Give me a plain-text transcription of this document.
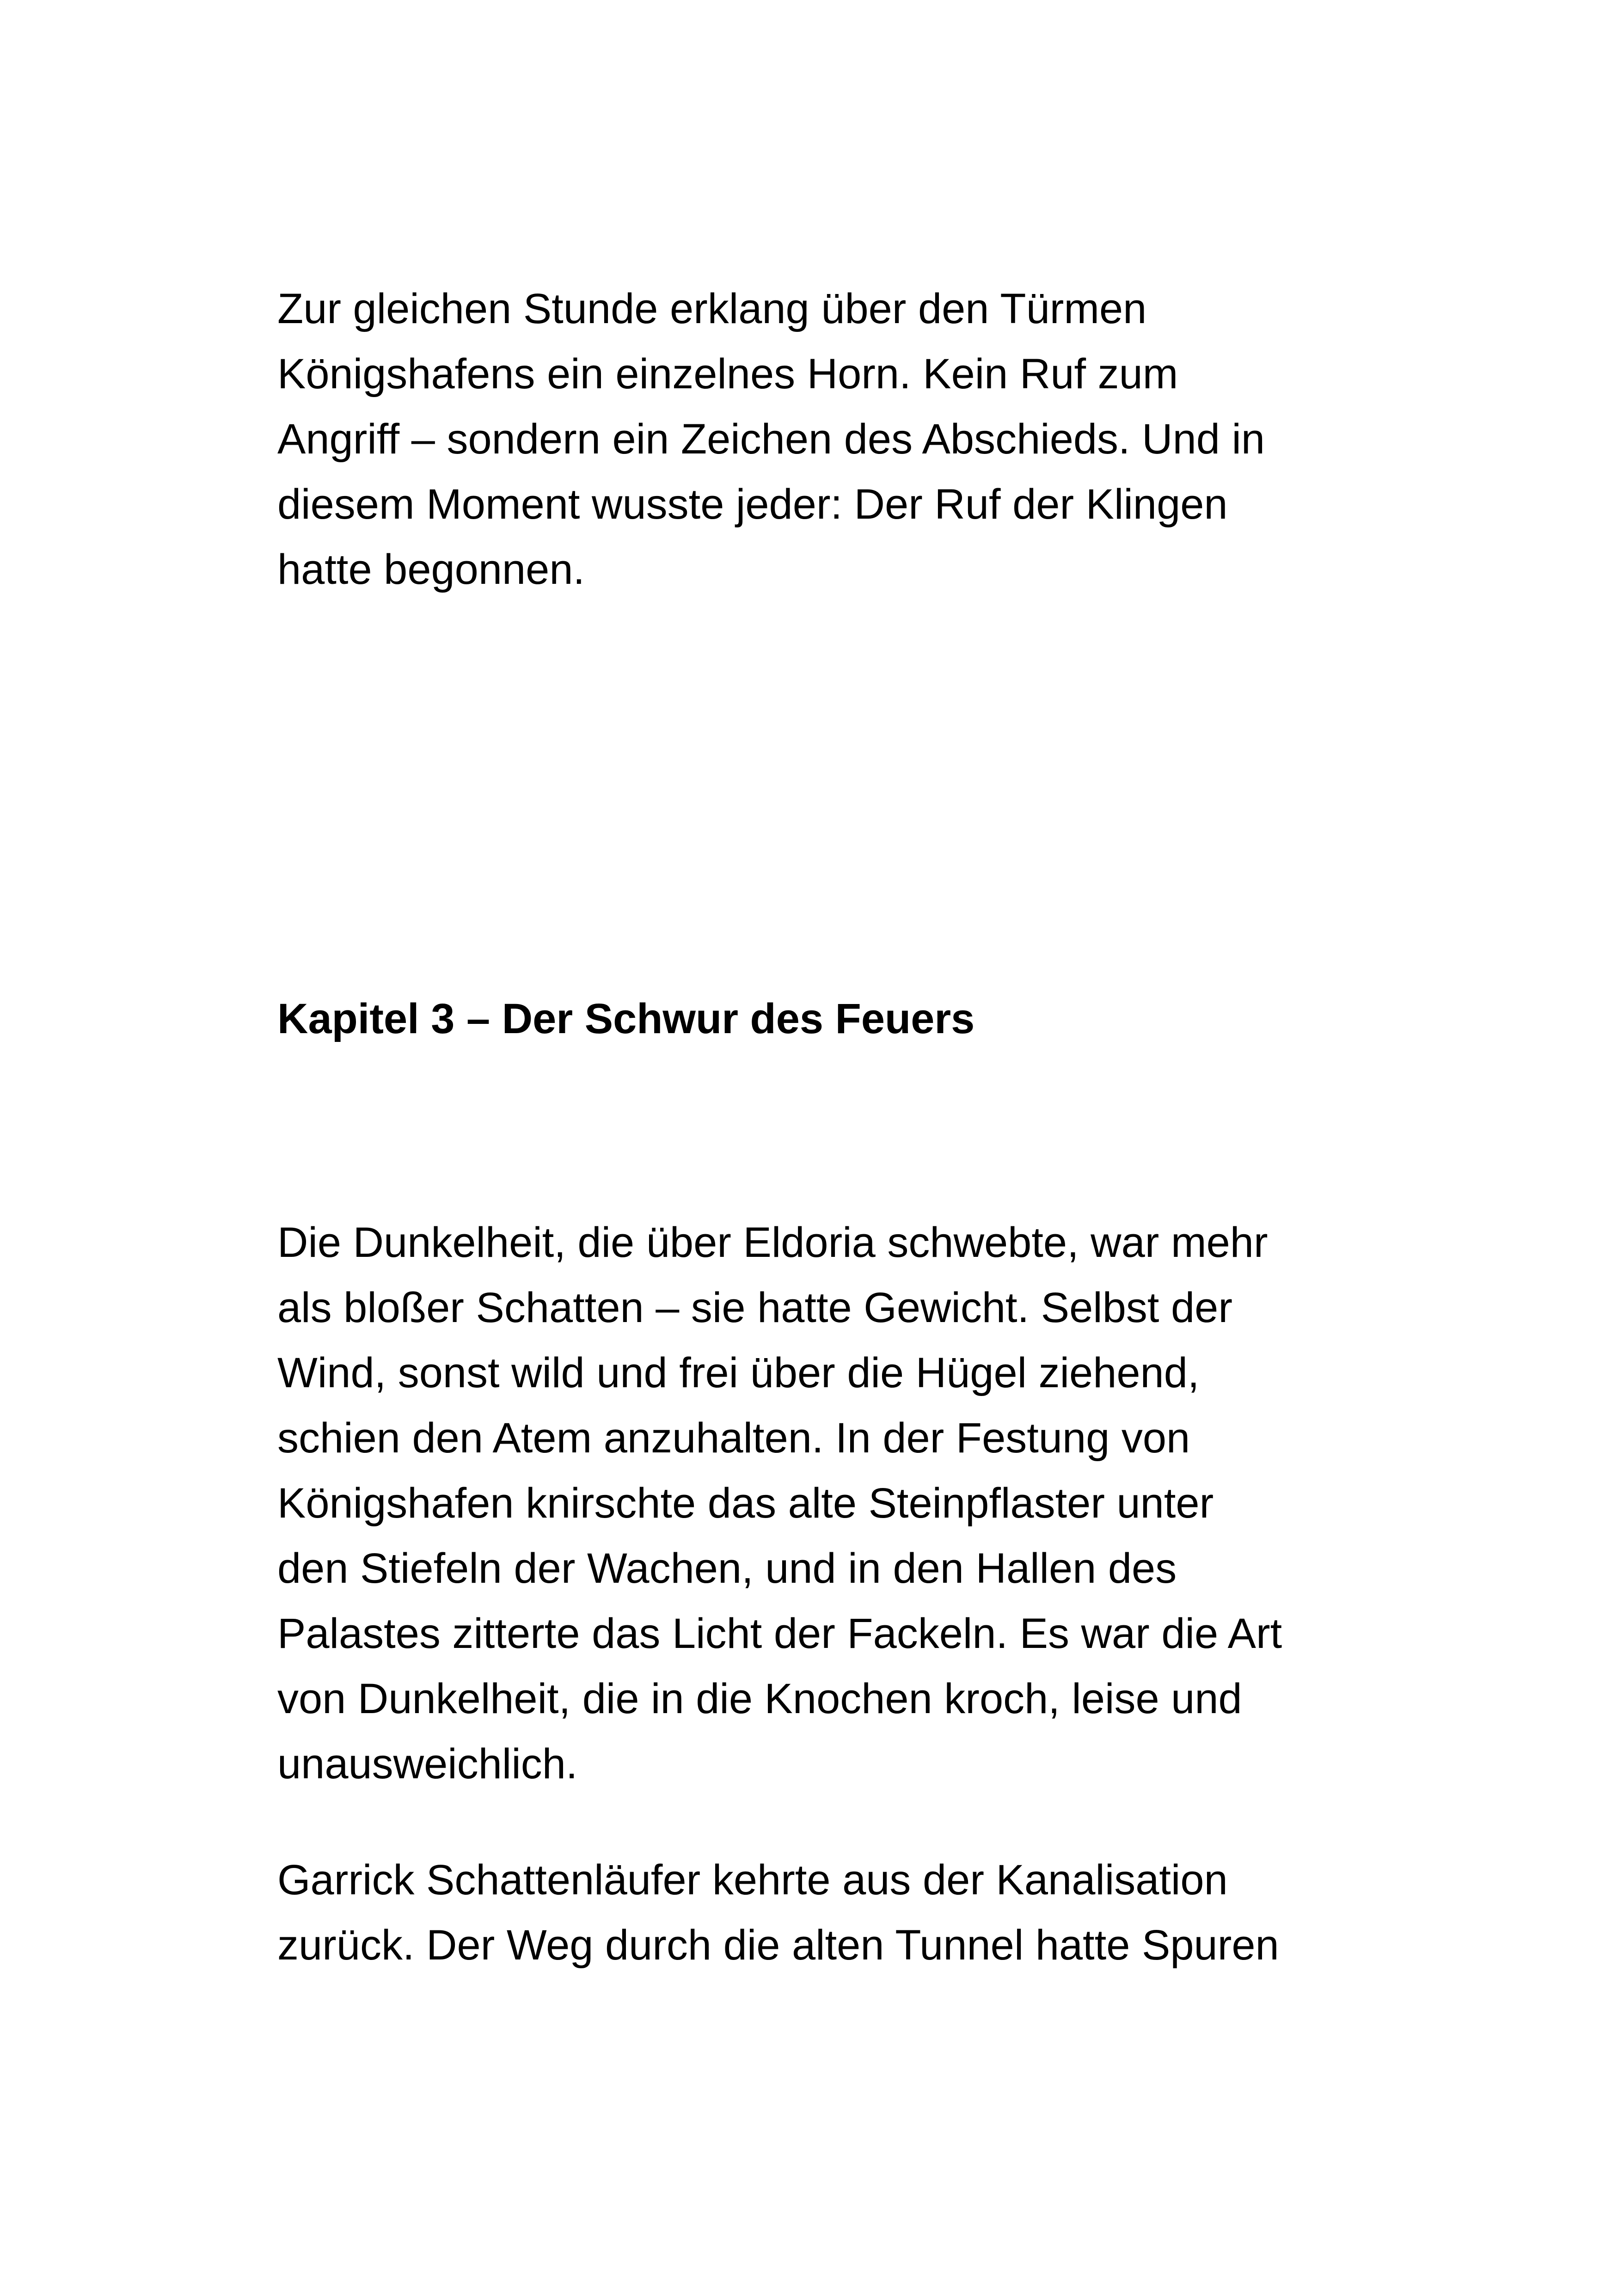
Zur gleichen Stunde erklang über den Türmen
Königshafens ein einzelnes Horn. Kein Ruf zum
Angriff – sondern ein Zeichen des Abschieds. Und in
diesem Moment wusste jeder: Der Ruf der Klingen
hatte begonnen.
Kapitel 3 – Der Schwur des Feuers
Die Dunkelheit, die über Eldoria schwebte, war mehr
als bloßer Schatten – sie hatte Gewicht. Selbst der
Wind, sonst wild und frei über die Hügel ziehend,
schien den Atem anzuhalten. In der Festung von
Königshafen knirschte das alte Steinpflaster unter
den Stiefeln der Wachen, und in den Hallen des
Palastes zitterte das Licht der Fackeln. Es war die Art
von Dunkelheit, die in die Knochen kroch, leise und
unausweichlich.
Garrick Schattenläufer kehrte aus der Kanalisation
zurück. Der Weg durch die alten Tunnel hatte Spuren
